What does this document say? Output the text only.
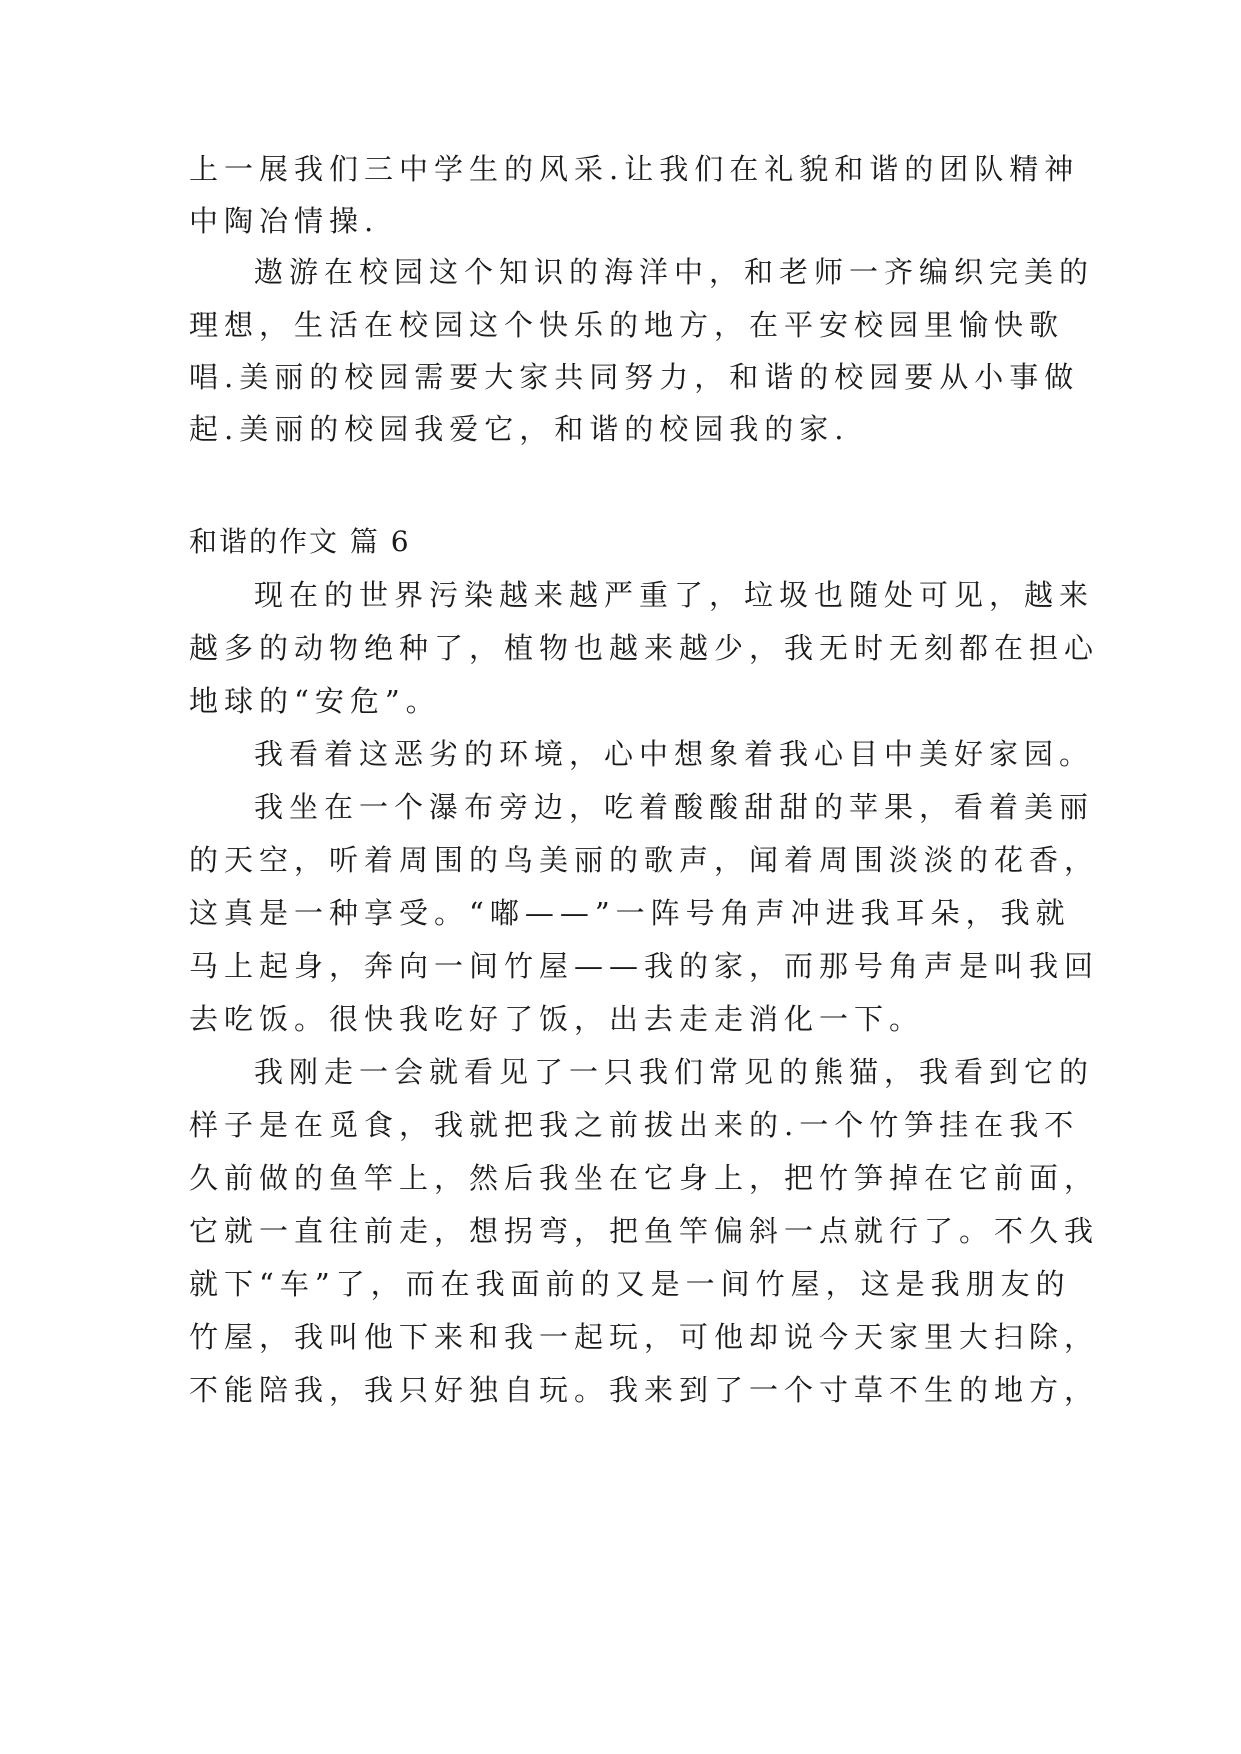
上一展我们三中学生的风采.让我们在礼貌和谐的团队精神
中陶冶情操.
遨游在校园这个知识的海洋中，和老师一齐编织完美的
理想，生活在校园这个快乐的地方，在平安校园里愉快歌
唱.美丽的校园需要大家共同努力，和谐的校园要从小事做
起.美丽的校园我爱它，和谐的校园我的家.
和谐的作文 篇 6
现在的世界污染越来越严重了，垃圾也随处可见，越来
越多的动物绝种了，植物也越来越少，我无时无刻都在担心
地球的“安危”。
我看着这恶劣的环境，心中想象着我心目中美好家园。
我坐在一个瀑布旁边，吃着酸酸甜甜的苹果，看着美丽
的天空，听着周围的鸟美丽的歌声，闻着周围淡淡的花香，
这真是一种享受。“嘟——”一阵号角声冲进我耳朵，我就
马上起身，奔向一间竹屋——我的家，而那号角声是叫我回
去吃饭。很快我吃好了饭，出去走走消化一下。
我刚走一会就看见了一只我们常见的熊猫，我看到它的
样子是在觅食，我就把我之前拔出来的.一个竹笋挂在我不
久前做的鱼竿上，然后我坐在它身上，把竹笋掉在它前面，
它就一直往前走，想拐弯，把鱼竿偏斜一点就行了。不久我
就下“车”了，而在我面前的又是一间竹屋，这是我朋友的
竹屋，我叫他下来和我一起玩，可他却说今天家里大扫除，
不能陪我，我只好独自玩。我来到了一个寸草不生的地方，
